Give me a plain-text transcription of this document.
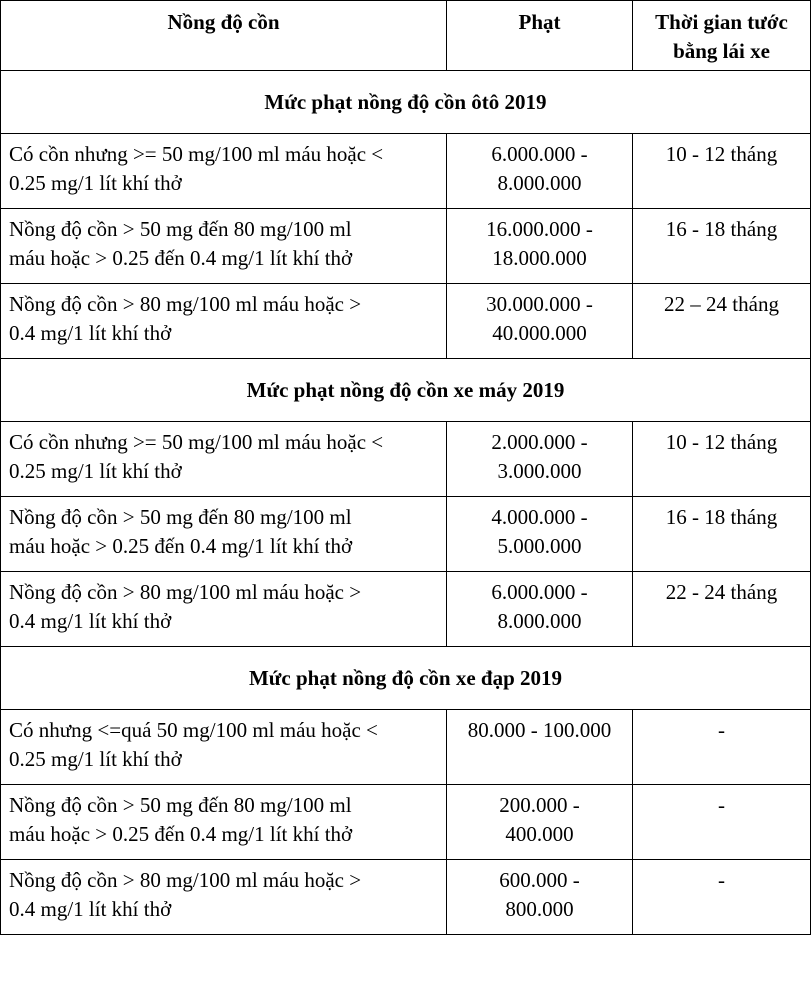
Nồng độ cồn	Phạt	Thời gian tước
bằng lái xe

Mức phạt nồng độ cồn ôtô 2019		

Có cồn nhưng >= 50 mg/100 ml máu hoặc <
0.25 mg/1 lít khí thở	6.000.000 -
8.000.000	10 - 12 tháng

Nồng độ cồn > 50 mg đến 80 mg/100 ml
máu hoặc > 0.25 đến 0.4 mg/1 lít khí thở	16.000.000 -
18.000.000	16 - 18 tháng

Nồng độ cồn > 80 mg/100 ml máu hoặc >
0.4 mg/1 lít khí thở	30.000.000 -
40.000.000	22 – 24 tháng
Mức phạt nồng độ cồn xe máy 2019		

Có cồn nhưng >= 50 mg/100 ml máu hoặc <
0.25 mg/1 lít khí thở	2.000.000 -
3.000.000	10 - 12 tháng

Nồng độ cồn > 50 mg đến 80 mg/100 ml
máu hoặc > 0.25 đến 0.4 mg/1 lít khí thở	4.000.000 -
5.000.000	16 - 18 tháng

Nồng độ cồn > 80 mg/100 ml máu hoặc >
0.4 mg/1 lít khí thở	6.000.000 -
8.000.000	22 - 24 tháng
Mức phạt nồng độ cồn xe đạp 2019		

Có nhưng <=quá 50 mg/100 ml máu hoặc <
0.25 mg/1 lít khí thở	80.000 - 100.000	-

Nồng độ cồn > 50 mg đến 80 mg/100 ml
máu hoặc > 0.25 đến 0.4 mg/1 lít khí thở	200.000 -
400.000	-

Nồng độ cồn > 80 mg/100 ml máu hoặc >
0.4 mg/1 lít khí thở	600.000 -
800.000	-
